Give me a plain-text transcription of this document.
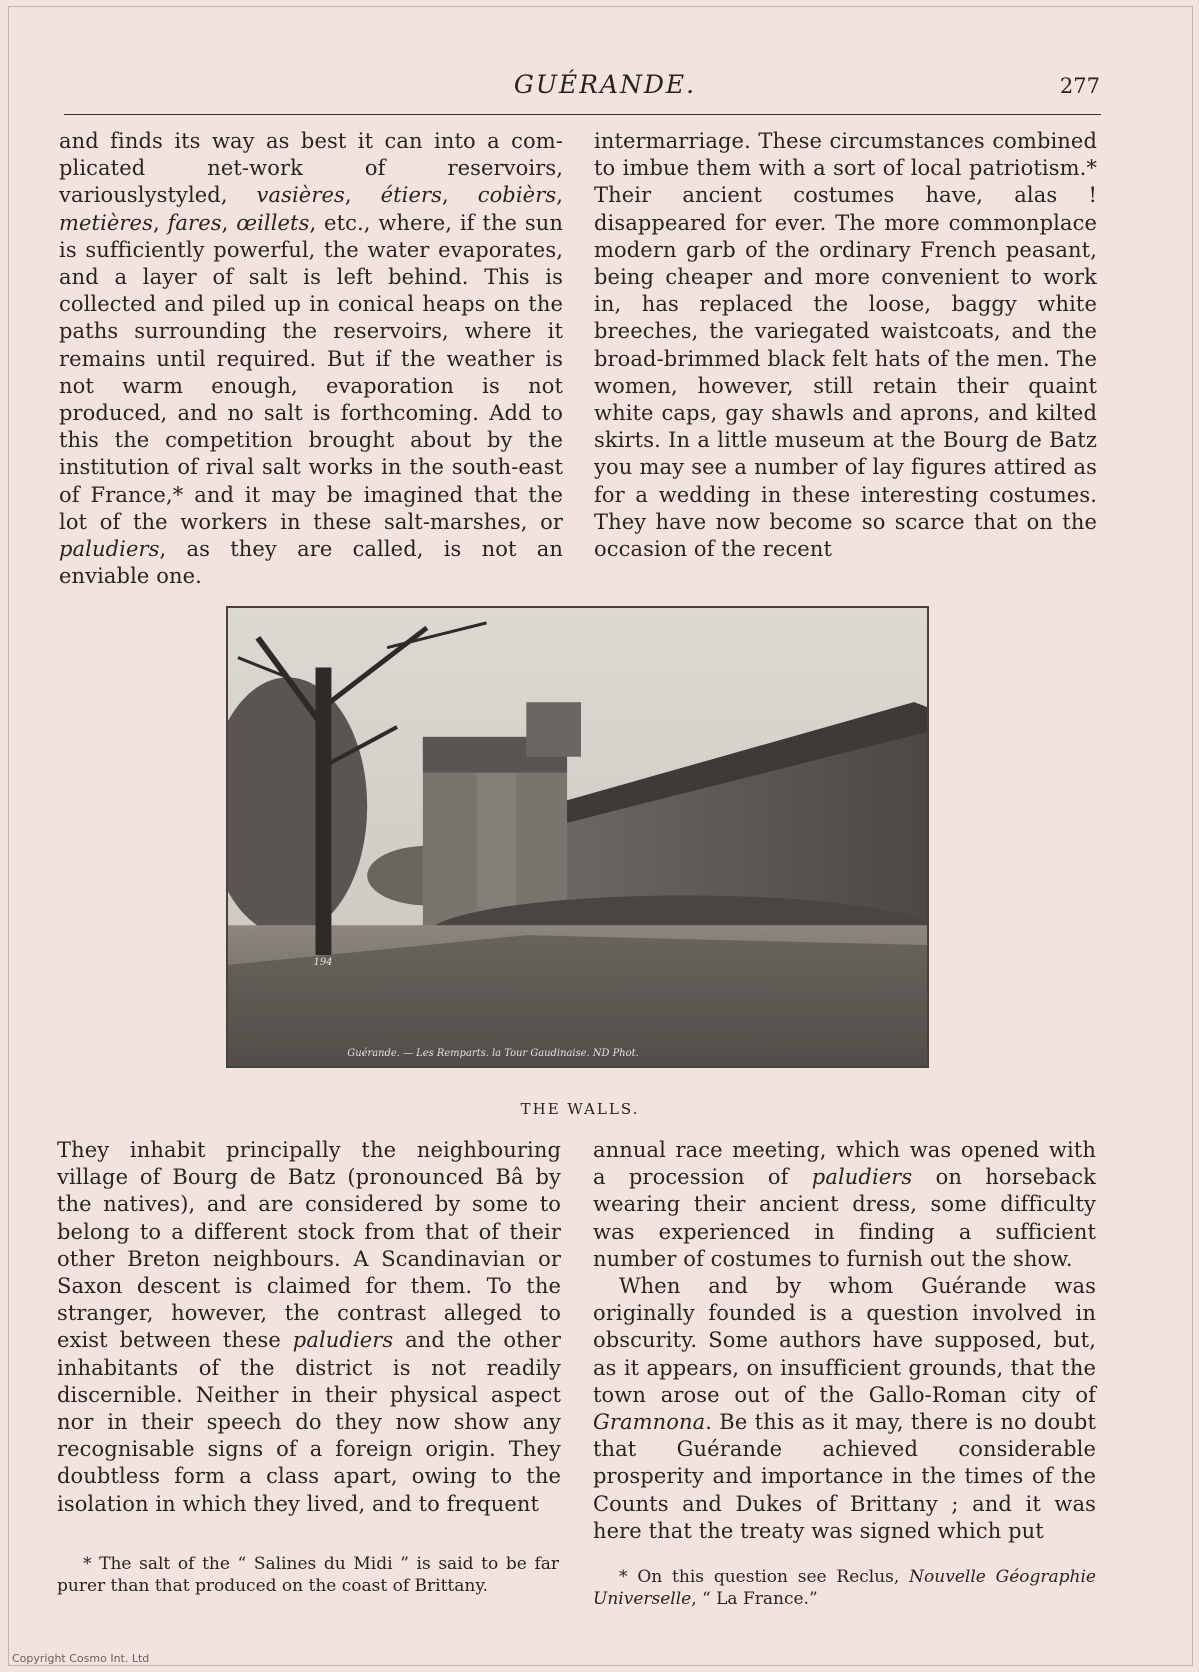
GUÉRANDE.	277

and finds its way as best it can into a com-plicated net-work of reservoirs, variouslystyled, vasières, étiers, cobièrs, metières, fares, œillets, etc., where, if the sun is sufficiently powerful, the water evaporates, and a layer of salt is left behind. This is collected and piled up in conical heaps on the paths surrounding the reservoirs, where it remains until required. But if the weather is not warm enough, evaporation is not produced, and no salt is forthcoming. Add to this the competition brought about by the institution of rival salt works in the south-east of France,* and it may be imagined that the lot of the workers in these salt-marshes, or paludiers, as they are called, is not an enviable one.

intermarriage. These circumstances combined to imbue them with a sort of local patriotism.* Their ancient costumes have, alas ! disappeared for ever. The more commonplace modern garb of the ordinary French peasant, being cheaper and more convenient to work in, has replaced the loose, baggy white breeches, the variegated waistcoats, and the broad-brimmed black felt hats of the men. The women, however, still retain their quaint white caps, gay shawls and aprons, and kilted skirts. In a little museum at the Bourg de Batz you may see a number of lay figures attired as for a wedding in these interesting costumes. They have now become so scarce that on the occasion of the recent

194
Guérande. — Les Remparts. la Tour Gaudinaise. ND Phot.
THE WALLS.

They inhabit principally the neighbouring village of Bourg de Batz (pronounced Bâ by the natives), and are considered by some to belong to a different stock from that of their other Breton neighbours. A Scandinavian or Saxon descent is claimed for them. To the stranger, however, the contrast alleged to exist between these paludiers and the other inhabitants of the district is not readily discernible. Neither in their physical aspect nor in their speech do they now show any recognisable signs of a foreign origin. They doubtless form a class apart, owing to the isolation in which they lived, and to frequent

annual race meeting, which was opened with a procession of paludiers on horseback wearing their ancient dress, some difficulty was experienced in finding a sufficient number of costumes to furnish out the show.

When and by whom Guérande was originally founded is a question involved in obscurity. Some authors have supposed, but, as it appears, on insufficient grounds, that the town arose out of the Gallo-Roman city of Gramnona. Be this as it may, there is no doubt that Guérande achieved considerable prosperity and importance in the times of the Counts and Dukes of Brittany ; and it was here that the treaty was signed which put

* The salt of the “ Salines du Midi ” is said to be far purer than that produced on the coast of Brittany.	* On this question see Reclus, Nouvelle Géographie Universelle, “ La France.”

Copyright Cosmo Int. Ltd
